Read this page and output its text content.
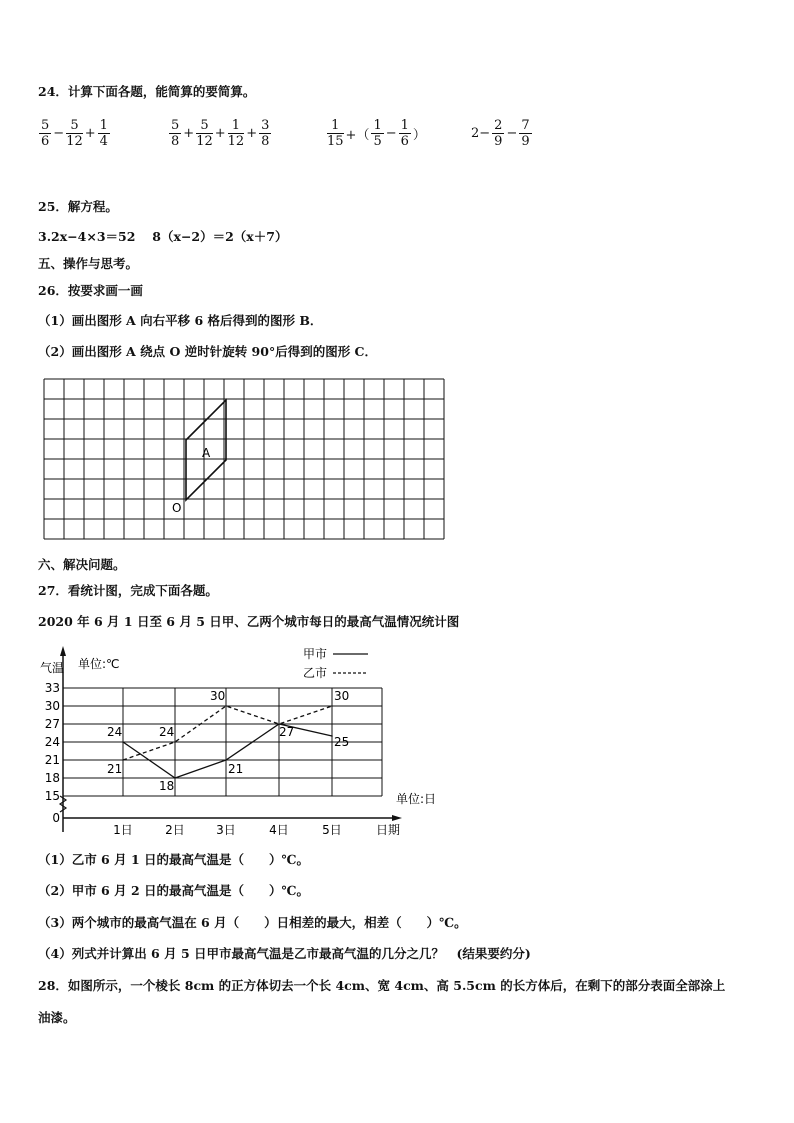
24．计算下面各题，能简算的要简算。
$\frac{5}{6} - \frac{5}{12} + \frac{1}{4}$	$\frac{5}{8} + \frac{5}{12} + \frac{1}{12} + \frac{3}{8}$	$\frac{1}{15}$ +（ $\frac{1}{5} - \frac{1}{6}$ ）	$2- \frac{2}{9} - \frac{7}{9}$
25．解方程。
3.2x−4×3＝52　 8（x−2）＝2（x＋7）
五、操作与思考。
26．按要求画一画
（1）画出图形 A 向右平移 6 格后得到的图形 B．
（2）画出图形 A 绕点 O 逆时针旋转 90°后得到的图形 C．
A
O
六、解决问题。
27．看统计图，完成下面各题。
2020 年 6 月 1 日至 6 月 5 日甲、乙两个城市每日的最高气温情况统计图
气温 单位:℃
单位:日
日期
33
30
27
24
21
18
15
0
1日	2日	3日	4日	5日
24
18
21
27
25
21
24
30	30
甲市
乙市
（1）乙市 6 月 1 日的最高气温是（　　）℃。
（2）甲市 6 月 2 日的最高气温是（　　）℃。
（3）两个城市的最高气温在 6 月（　　）日相差的最大，相差（　　）℃。
（4）列式并计算出 6 月 5 日甲市最高气温是乙市最高气温的几分之几？　(结果要约分)
28．如图所示，一个棱长 8cm 的正方体切去一个长 4cm、宽 4cm、高 5.5cm 的长方体后，在剩下的部分表面全部涂上
油漆。
